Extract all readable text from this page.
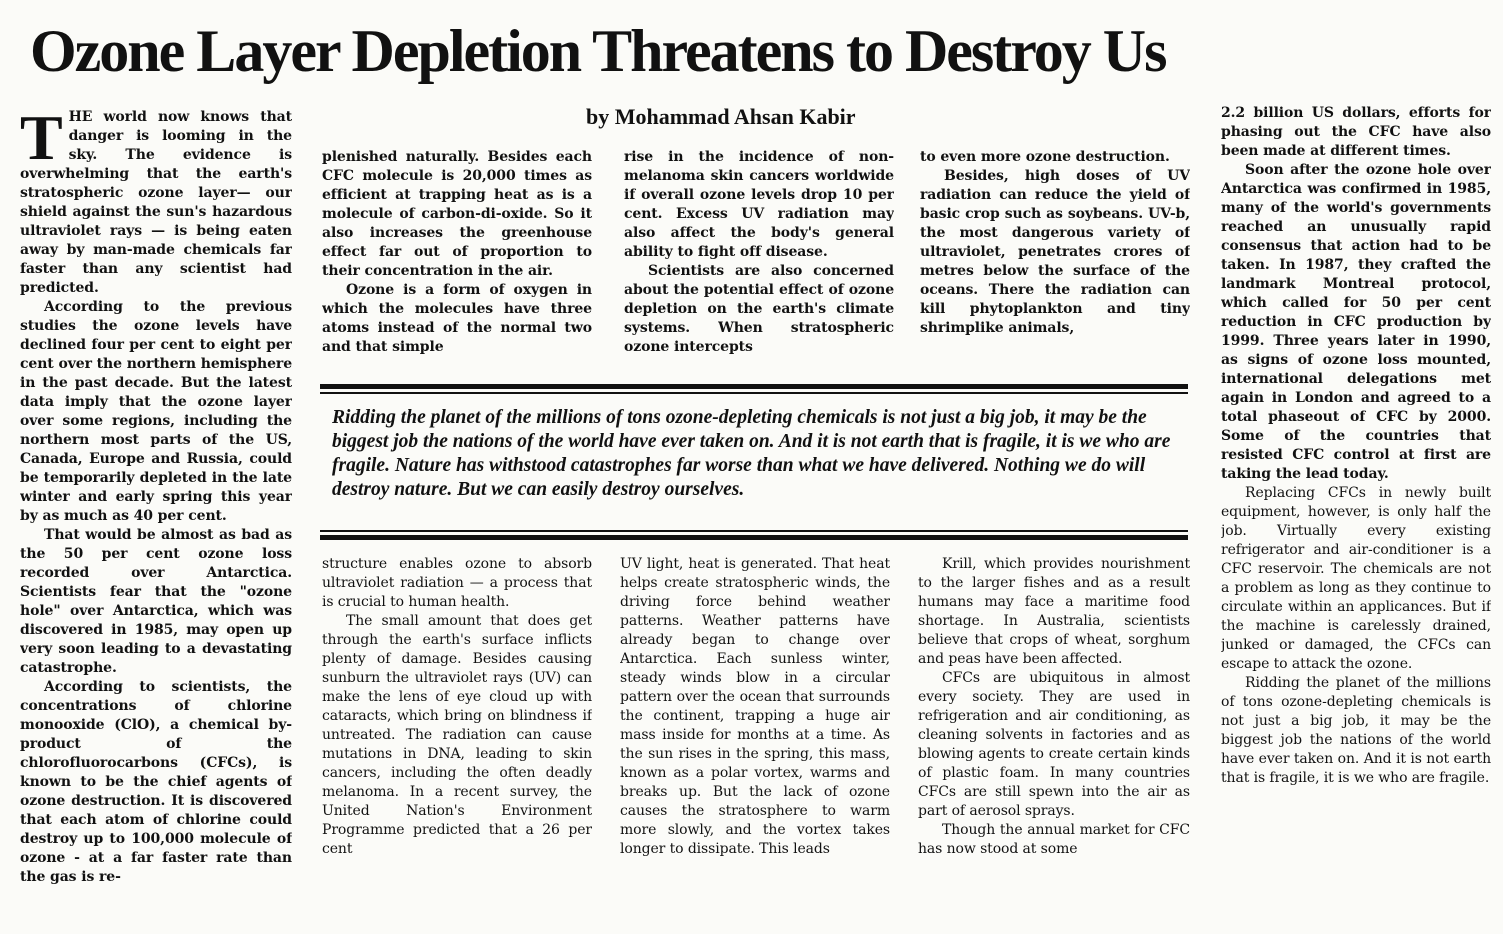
Ozone Layer Depletion Threatens to Destroy Us
by Mohammad Ahsan Kabir

THE world now knows that danger is looming in the sky. The evidence is overwhelming that the earth's stratospheric ozone layer— our shield against the sun's hazardous ultraviolet rays — is being eaten away by man-made chemicals far faster than any scientist had predicted.

According to the previous studies the ozone levels have declined four per cent to eight per cent over the northern hemisphere in the past decade. But the latest data imply that the ozone layer over some regions, including the northern most parts of the US, Canada, Europe and Russia, could be temporarily depleted in the late winter and early spring this year by as much as 40 per cent.

That would be almost as bad as the 50 per cent ozone loss recorded over Antarctica. Scientists fear that the "ozone hole" over Antarctica, which was discovered in 1985, may open up very soon leading to a devastating catastrophe.

According to scientists, the concentrations of chlorine monooxide (ClO), a chemical by-product of the chlorofluorocarbons (CFCs), is known to be the chief agents of ozone destruction. It is discovered that each atom of chlorine could destroy up to 100,000 molecule of ozone - at a far faster rate than the gas is re-

plenished naturally. Besides each CFC molecule is 20,000 times as efficient at trapping heat as is a molecule of carbon-di-oxide. So it also increases the greenhouse effect far out of proportion to their concentration in the air.

Ozone is a form of oxygen in which the molecules have three atoms instead of the normal two and that simple

rise in the incidence of non-melanoma skin cancers worldwide if overall ozone levels drop 10 per cent. Excess UV radiation may also affect the body's general ability to fight off disease.

Scientists are also concerned about the potential effect of ozone depletion on the earth's climate systems. When stratospheric ozone intercepts

to even more ozone destruction.

Besides, high doses of UV radiation can reduce the yield of basic crop such as soybeans. UV-b, the most dangerous variety of ultraviolet, penetrates crores of metres below the surface of the oceans. There the radiation can kill phytoplankton and tiny shrimplike animals,

Ridding the planet of the millions of tons ozone-depleting chemicals is not just a big job, it may be the biggest job the nations of the world have ever taken on. And it is not earth that is fragile, it is we who are fragile. Nature has withstood catastrophes far worse than what we have delivered. Nothing we do will destroy nature. But we can easily destroy ourselves.

structure enables ozone to absorb ultraviolet radiation — a process that is crucial to human health.

The small amount that does get through the earth's surface inflicts plenty of damage. Besides causing sunburn the ultraviolet rays (UV) can make the lens of eye cloud up with cataracts, which bring on blindness if untreated. The radiation can cause mutations in DNA, leading to skin cancers, including the often deadly melanoma. In a recent survey, the United Nation's Environment Programme predicted that a 26 per cent

UV light, heat is generated. That heat helps create stratospheric winds, the driving force behind weather patterns. Weather patterns have already began to change over Antarctica. Each sunless winter, steady winds blow in a circular pattern over the ocean that surrounds the continent, trapping a huge air mass inside for months at a time. As the sun rises in the spring, this mass, known as a polar vortex, warms and breaks up. But the lack of ozone causes the stratosphere to warm more slowly, and the vortex takes longer to dissipate. This leads

Krill, which provides nourishment to the larger fishes and as a result humans may face a maritime food shortage. In Australia, scientists believe that crops of wheat, sorghum and peas have been affected.

CFCs are ubiquitous in almost every society. They are used in refrigeration and air conditioning, as cleaning solvents in factories and as blowing agents to create certain kinds of plastic foam. In many countries CFCs are still spewn into the air as part of aerosol sprays.

Though the annual market for CFC has now stood at some

2.2 billion US dollars, efforts for phasing out the CFC have also been made at different times.

Soon after the ozone hole over Antarctica was confirmed in 1985, many of the world's governments reached an unusually rapid consensus that action had to be taken. In 1987, they crafted the landmark Montreal protocol, which called for 50 per cent reduction in CFC production by 1999. Three years later in 1990, as signs of ozone loss mounted, international delegations met again in London and agreed to a total phaseout of CFC by 2000. Some of the countries that resisted CFC control at first are taking the lead today.

Replacing CFCs in newly built equipment, however, is only half the job. Virtually every existing refrigerator and air-conditioner is a CFC reservoir. The chemicals are not a problem as long as they continue to circulate within an applicances. But if the machine is carelessly drained, junked or damaged, the CFCs can escape to attack the ozone.

Ridding the planet of the millions of tons ozone-depleting chemicals is not just a big job, it may be the biggest job the nations of the world have ever taken on. And it is not earth that is fragile, it is we who are fragile.
